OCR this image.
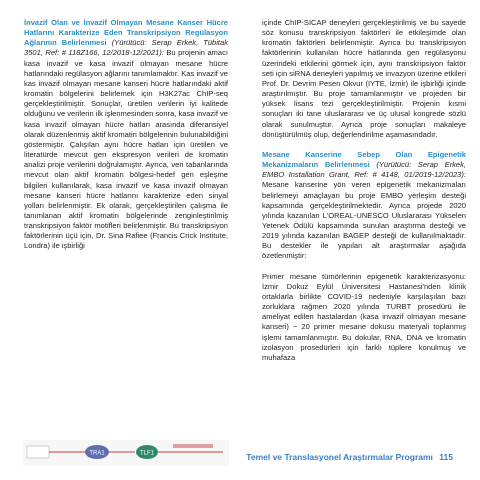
İnvazif Olan ve İnvazif Olmayan Mesane Kanser Hücre Hatlarını Karakterize Eden Transkripsiyon Regülasyon Ağlarının Belirlenmesi (Yürütücü: Serap Erkek, Tübitak 3501, Ref: # 118Z166, 12/2018-12/2021): Bu projenin amacı kasa invazif ve kasa invazif olmayan mesane hücre hatlarındaki regülasyon ağlarını tanımlamaktır. Kas invazif ve kas invazif olmayan mesane kanseri hücre hatlarındaki aktif kromatin bölgelerini belirlemek için H3K27ac ChIP-seq gerçekleştirilmiştir. Sonuçlar, üretilen verilerin iyi kalitede olduğunu ve verilerin ilk işlenmesinden sonra, kasa invazif ve kasa invazif olmayan hücre hatları arasında diferansiyel olarak düzenlenmiş aktif kromatin bölgelerinin bulunabildiğini göstermiştir. Çalışılan aynı hücre hatları için üretilen ve literatürde mevcut gen ekspresyon verileri de kromatin analizi proje verilerini doğrulamıştır. Ayrıca, veri tabanlarında mevcut olan aktif kromatin bölgesi-hedef gen eşleşme bilgileri kullanılarak, kasa invazif ve kasa invazif olmayan mesane kanseri hücre hatlarını karakterize eden sinyal yolları belirlenmiştir. Ek olarak, gerçekleştirilen çalışma ile tanımlanan aktif kromatin bölgelerinde zenginleştirilmiş transkripsiyon faktör motifleri belirlenmiştir. Bu transkripsiyon faktörlerinin üçü için, Dr. Sina Rafiee (Francis Crick Institute, Londra) ile işbirliği

içinde ChIP-SICAP deneyleri gerçekleştirilmiş ve bu sayede söz konusu transkripsiyon faktörleri ile etkileşimde olan kromatin faktörleri belirlenmiştir. Ayrıca bu transkripsiyon faktörlerinin kullanılan hücre hatlarında gen regülasyonu üzerindeki etkilerini görmek için, aynı transkripsiyon faktör seti için siRNA deneyleri yapılmış ve invazyon üzerine etkileri Prof. Dr. Devrim Pesen Okvur (IYTE, İzmir) ile işbirliği içinde araştırılmıştır. Bu proje tamamlanmıştır ve projeden bir yüksek lisans tezi gerçekleştirilmiştir. Projenin kısmi sonuçları iki tane uluslararası ve üç ulusal kongrede sözlü olarak sunulmuştur. Ayrıca proje sonuçları makaleye dönüştürülmüş olup, değerlendirilme aşamasındadır.

Mesane Kanserine Sebep Olan Epigenetik Mekanizmaların Belirlenmesi (Yürütücü: Serap Erkek, EMBO Installation Grant, Ref: # 4148, 01/2019-12/2023): Mesane kanserine yön veren epigenetik mekanizmaları belirlemeyi amaçlayan bu proje EMBO yerleşim desteği kapsamında gerçekleştirilmektedir. Ayrıca projede 2020 yılında kazanılan L'OREAL-UNESCO Uluslararası Yükselen Yetenek Ödülü kapsamında sunulan araştırma desteği ve 2019 yılında kazanılan BAGEP desteği de kullanılmaktadır. Bu destekler ile yapılan alt araştırmalar aşağıda özetlenmiştir:

Primer mesane tümörlerinin epigenetik karakterizasyonu: İzmir Dokuz Eylül Üniversitesi Hastanesi'nden klinik ortaklarla birlikte COVID-19 nedeniyle karşılaşılan bazı zorluklara rağmen 2020 yılında TURBT prosedürü ile ameliyat edilen hastalardan (kasa invazif olmayan mesane kanseri) ~ 20 primer mesane dokusu materyali toplanmış işlemi tamamlanmıştır. Bu dokular, RNA, DNA ve kromatin izolasyon prosedürleri için farklı tüplere konulmuş ve muhafaza

TRA1	TLF1	Temel ve Translasyonel Araştırmalar Programı 115
